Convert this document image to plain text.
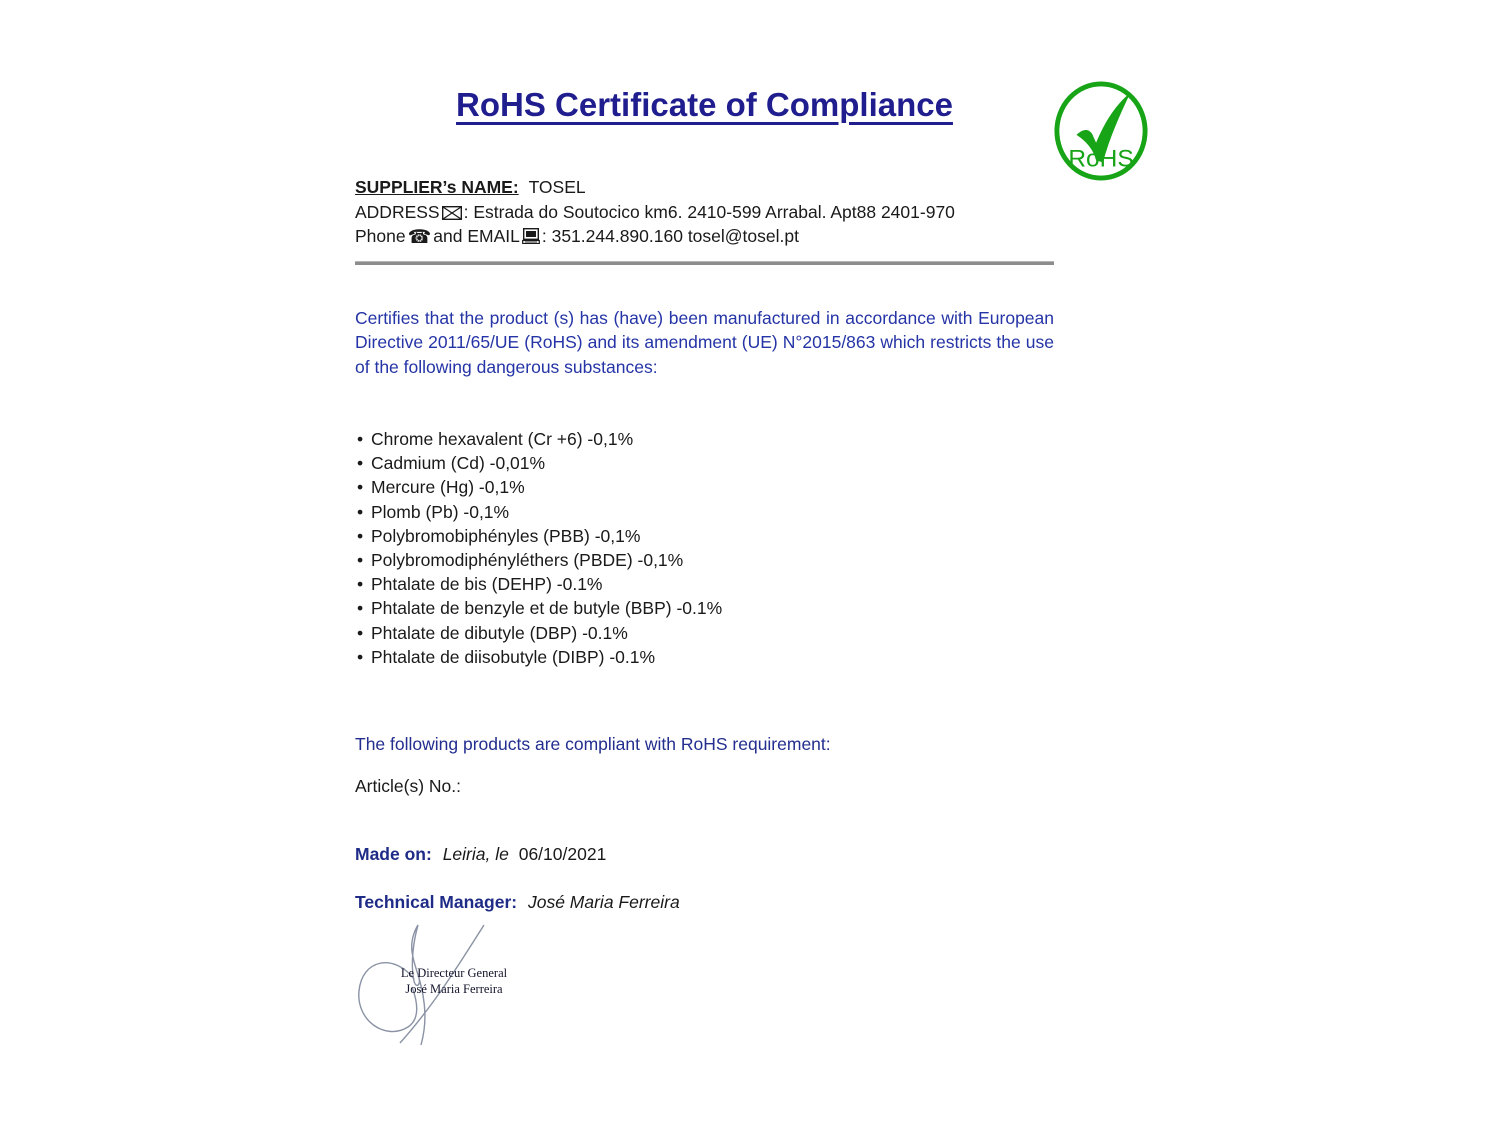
RoHS Certificate of Compliance
RoHS
SUPPLIER’s NAME: TOSEL
ADDRESS : Estrada do Soutocico km6. 2410-599 Arrabal. Apt88 2401-970
Phone ☎ and EMAIL : 351.244.890.160 tosel@tosel.pt
Certifies that the product (s) has (have) been manufactured in accordance with European Directive 2011/65/UE (RoHS) and its amendment (UE) N°2015/863 which restricts the use of the following dangerous substances:
• Chrome hexavalent (Cr +6) -0,1%
• Cadmium (Cd) -0,01%
• Mercure (Hg) -0,1%
• Plomb (Pb) -0,1%
• Polybromobiphényles (PBB) -0,1%
• Polybromodiphényléthers (PBDE) -0,1%
• Phtalate de bis (DEHP) -0.1%
• Phtalate de benzyle et de butyle (BBP) -0.1%
• Phtalate de dibutyle (DBP) -0.1%
• Phtalate de diisobutyle (DIBP) -0.1%
The following products are compliant with RoHS requirement:
Article(s) No.:
Made on: Leiria, le 06/10/2021
Technical Manager: José Maria Ferreira
Le Directeur General
José Maria Ferreira
